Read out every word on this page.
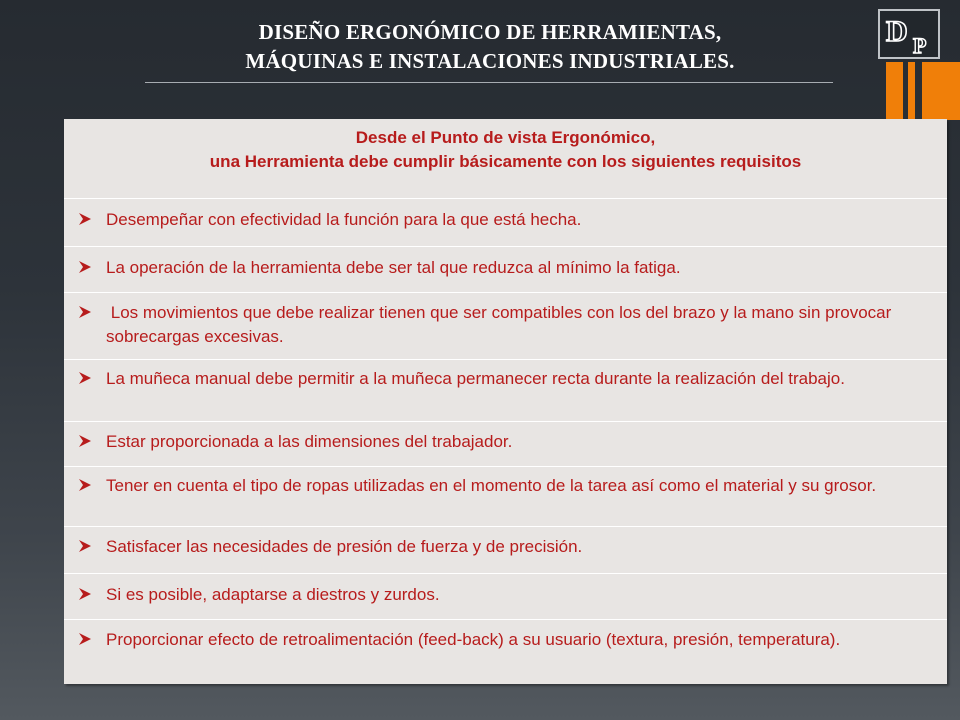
DISEÑO ERGONÓMICO DE HERRAMIENTAS,
MÁQUINAS E INSTALACIONES INDUSTRIALES.
D P
Desde el Punto de vista Ergonómico,
una Herramienta debe cumplir básicamente con los siguientes requisitos
Desempeñar con efectividad la función para la que está hecha.
La operación de la herramienta debe ser tal que reduzca al mínimo la fatiga.
Los movimientos que debe realizar tienen que ser compatibles con los del brazo y la mano sin provocar sobrecargas excesivas.
La muñeca manual debe permitir a la muñeca permanecer recta durante la realización del trabajo.
Estar proporcionada a las dimensiones del trabajador.
Tener en cuenta el tipo de ropas utilizadas en el momento de la tarea así como el material y su grosor.
Satisfacer las necesidades de presión de fuerza y de precisión.
Si es posible, adaptarse a diestros y zurdos.
Proporcionar efecto de retroalimentación (feed-back) a su usuario (textura, presión, temperatura).
